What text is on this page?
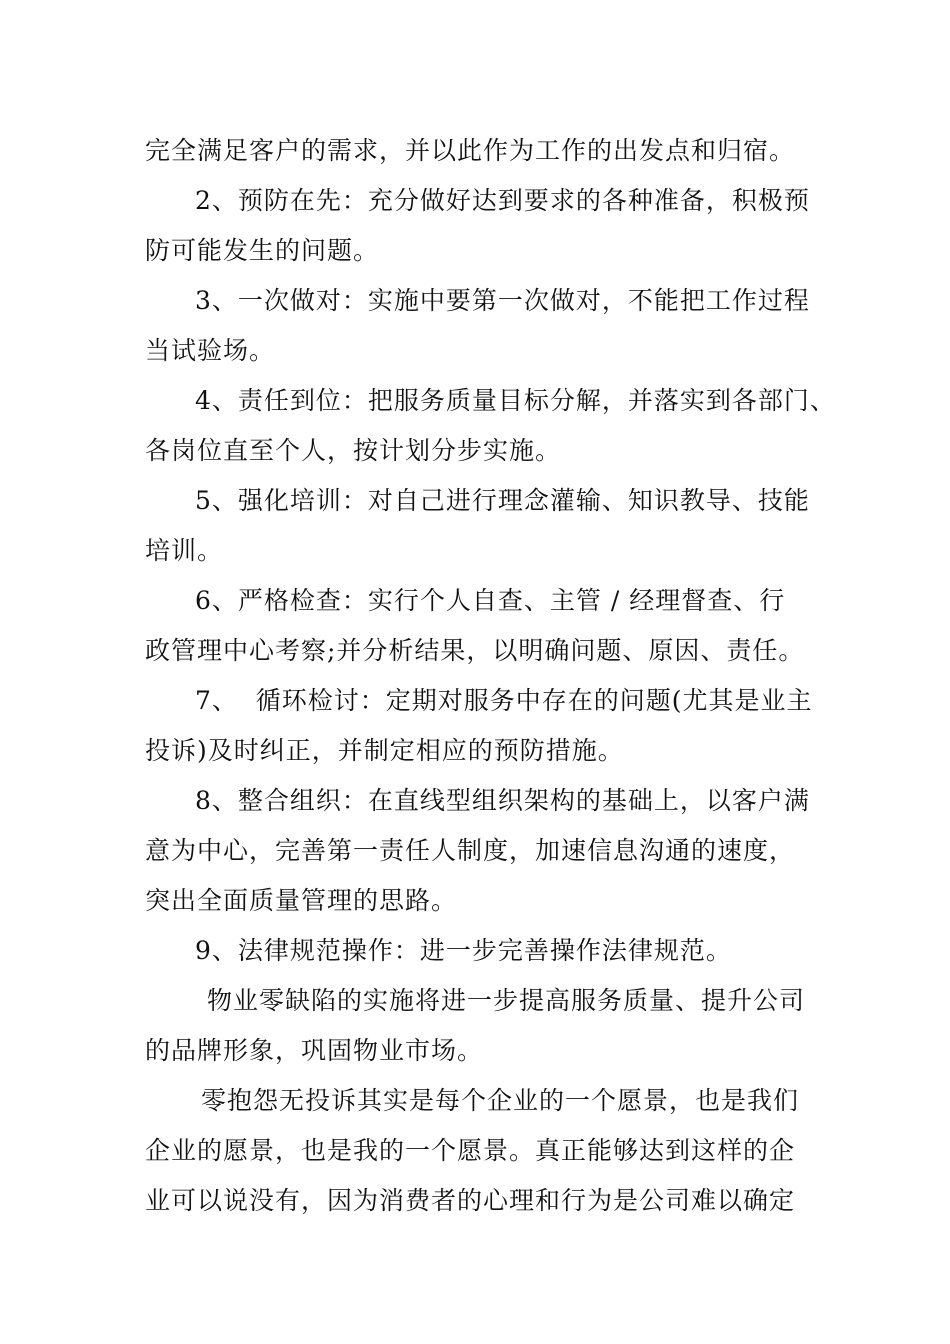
完全满足客户的需求，并以此作为工作的出发点和归宿。
2、预防在先：充分做好达到要求的各种准备，积极预
防可能发生的问题。
3、一次做对：实施中要第一次做对，不能把工作过程
当试验场。
4、责任到位：把服务质量目标分解，并落实到各部门、
各岗位直至个人，按计划分步实施。
5、强化培训：对自己进行理念灌输、知识教导、技能
培训。
6、严格检查：实行个人自查、主管 / 经理督查、行
政管理中心考察;并分析结果，以明确问题、原因、责任。
7、  循环检讨：定期对服务中存在的问题(尤其是业主
投诉)及时纠正，并制定相应的预防措施。
8、整合组织：在直线型组织架构的基础上，以客户满
意为中心，完善第一责任人制度，加速信息沟通的速度，
突出全面质量管理的思路。
9、法律规范操作：进一步完善操作法律规范。
物业零缺陷的实施将进一步提高服务质量、提升公司
的品牌形象，巩固物业市场。
零抱怨无投诉其实是每个企业的一个愿景，也是我们
企业的愿景，也是我的一个愿景。真正能够达到这样的企
业可以说没有，因为消费者的心理和行为是公司难以确定
